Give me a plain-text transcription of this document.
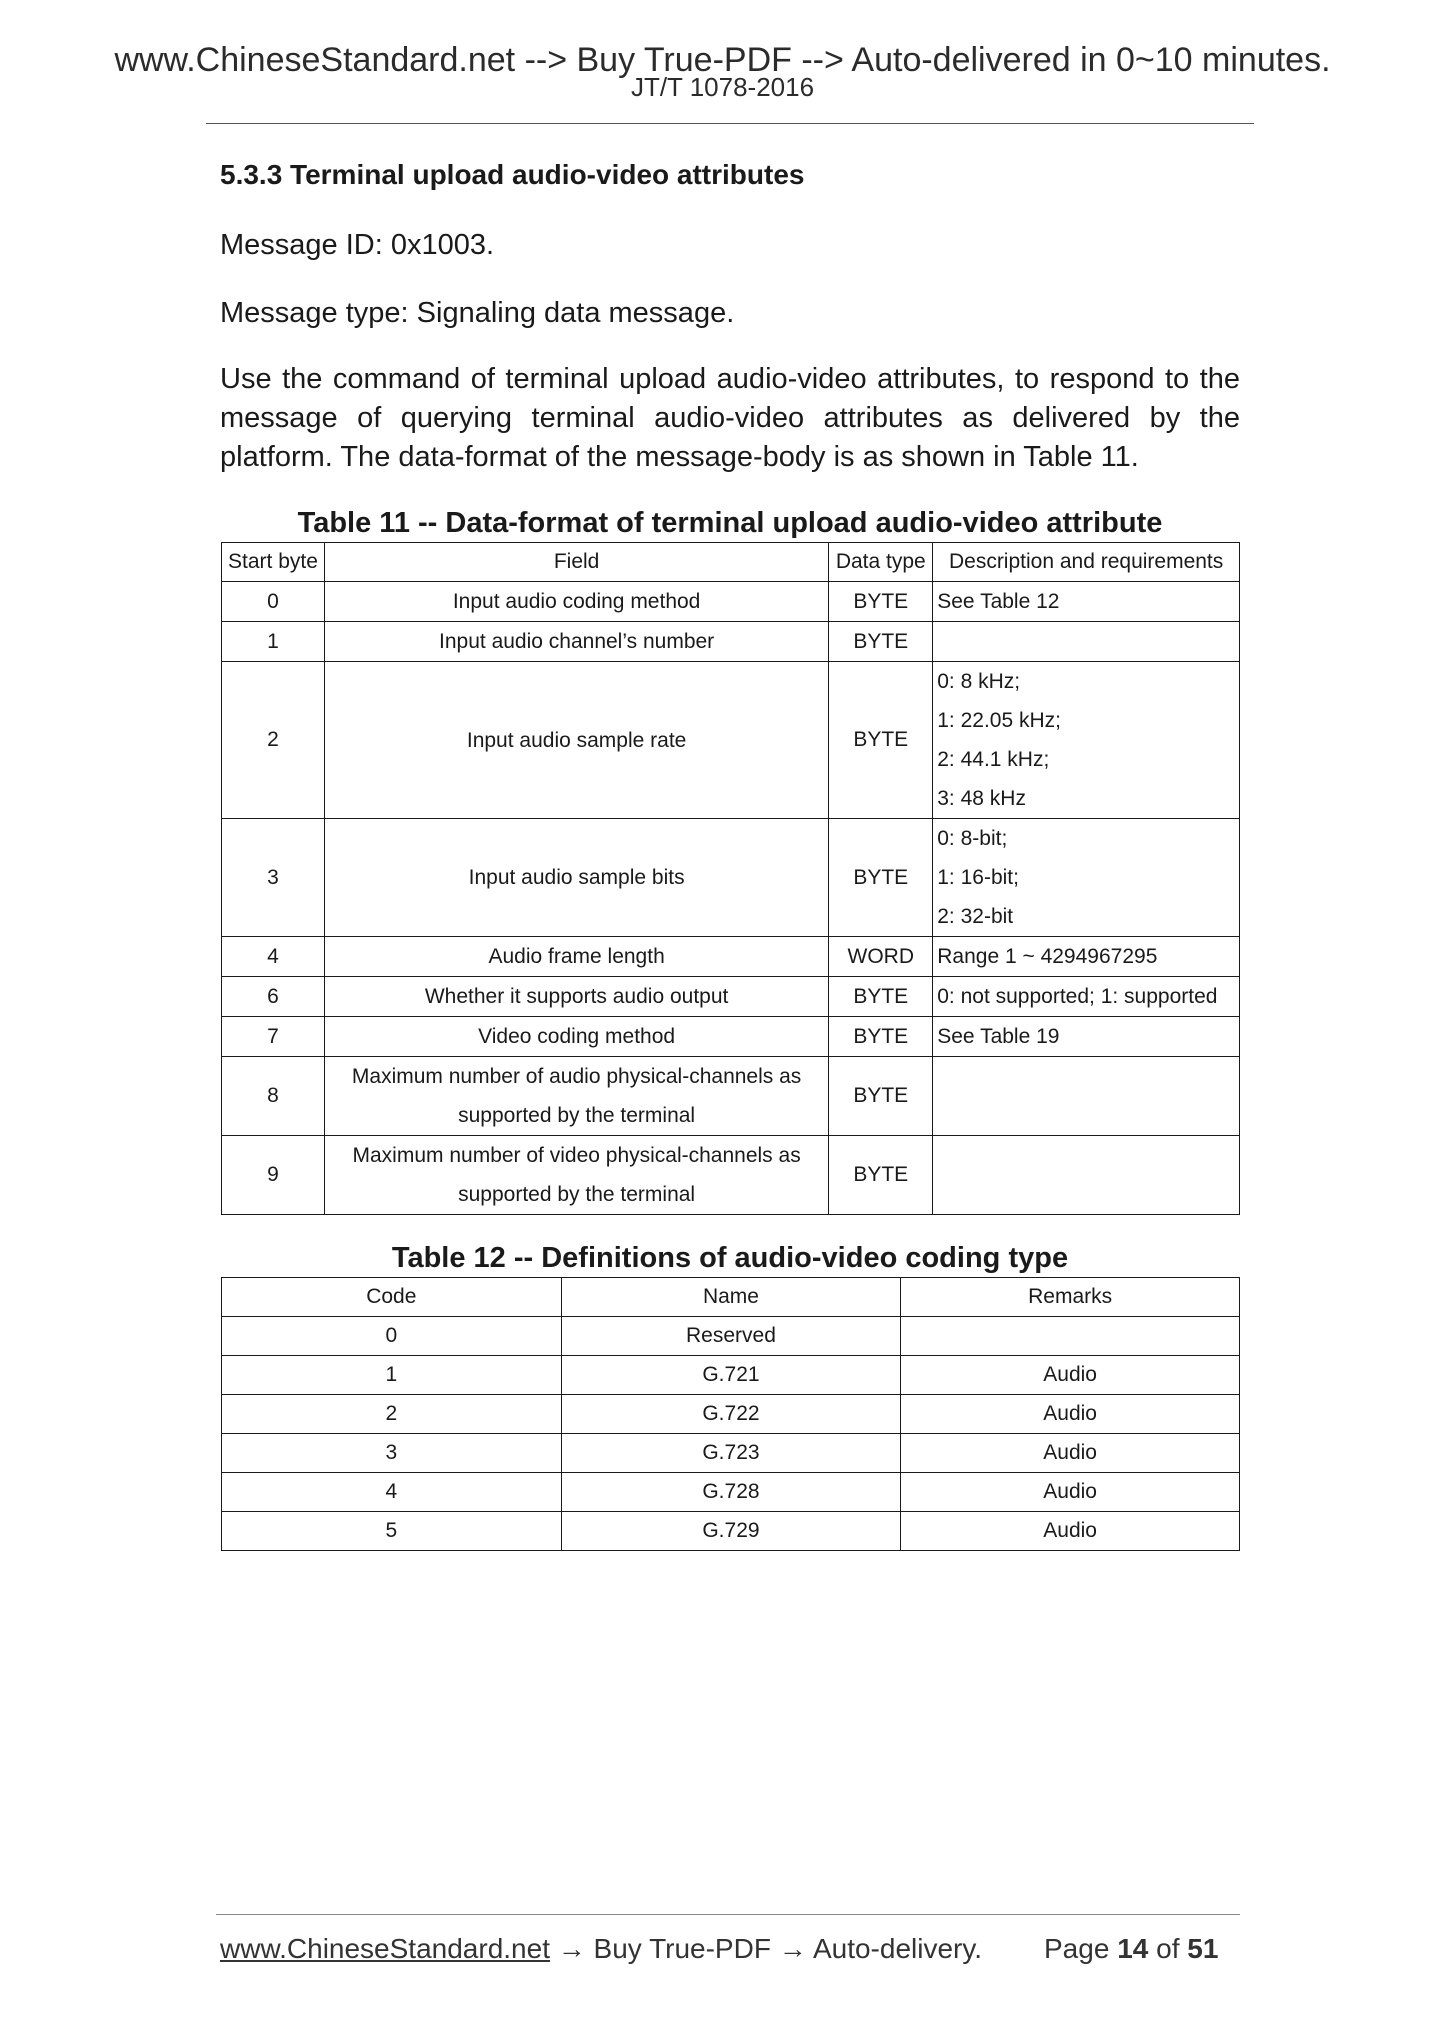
www.ChineseStandard.net --> Buy True-PDF --> Auto-delivered in 0~10 minutes.
JT/T 1078-2016
5.3.3 Terminal upload audio-video attributes
Message ID: 0x1003.
Message type: Signaling data message.
Use the command of terminal upload audio-video attributes, to respond to the message of querying terminal audio-video attributes as delivered by the platform. The data-format of the message-body is as shown in Table 11.
Table 11 -- Data-format of terminal upload audio-video attribute
Start byte	Field	Data type	Description and requirements
0	Input audio coding method	BYTE	See Table 12

1	Input audio channel’s number	BYTE	

2	Input audio sample rate	BYTE	0: 8 kHz;
1: 22.05 kHz;
2: 44.1 kHz;
3: 48 kHz

3	Input audio sample bits	BYTE	0: 8-bit;
1: 16-bit;
2: 32-bit

4	Audio frame length	WORD	Range 1 ~ 4294967295

6	Whether it supports audio output	BYTE	0: not supported; 1: supported

7	Video coding method	BYTE	See Table 19

8	Maximum number of audio physical-channels as
supported by the terminal	BYTE	

9	Maximum number of video physical-channels as
supported by the terminal	BYTE	
Table 12 -- Definitions of audio-video coding type
Code	Name	Remarks
0	Reserved	
1	G.721	Audio
2	G.722	Audio
3	G.723	Audio
4	G.728	Audio
5	G.729	Audio
www.ChineseStandard.net → Buy True-PDF → Auto-delivery. Page 14 of 51
